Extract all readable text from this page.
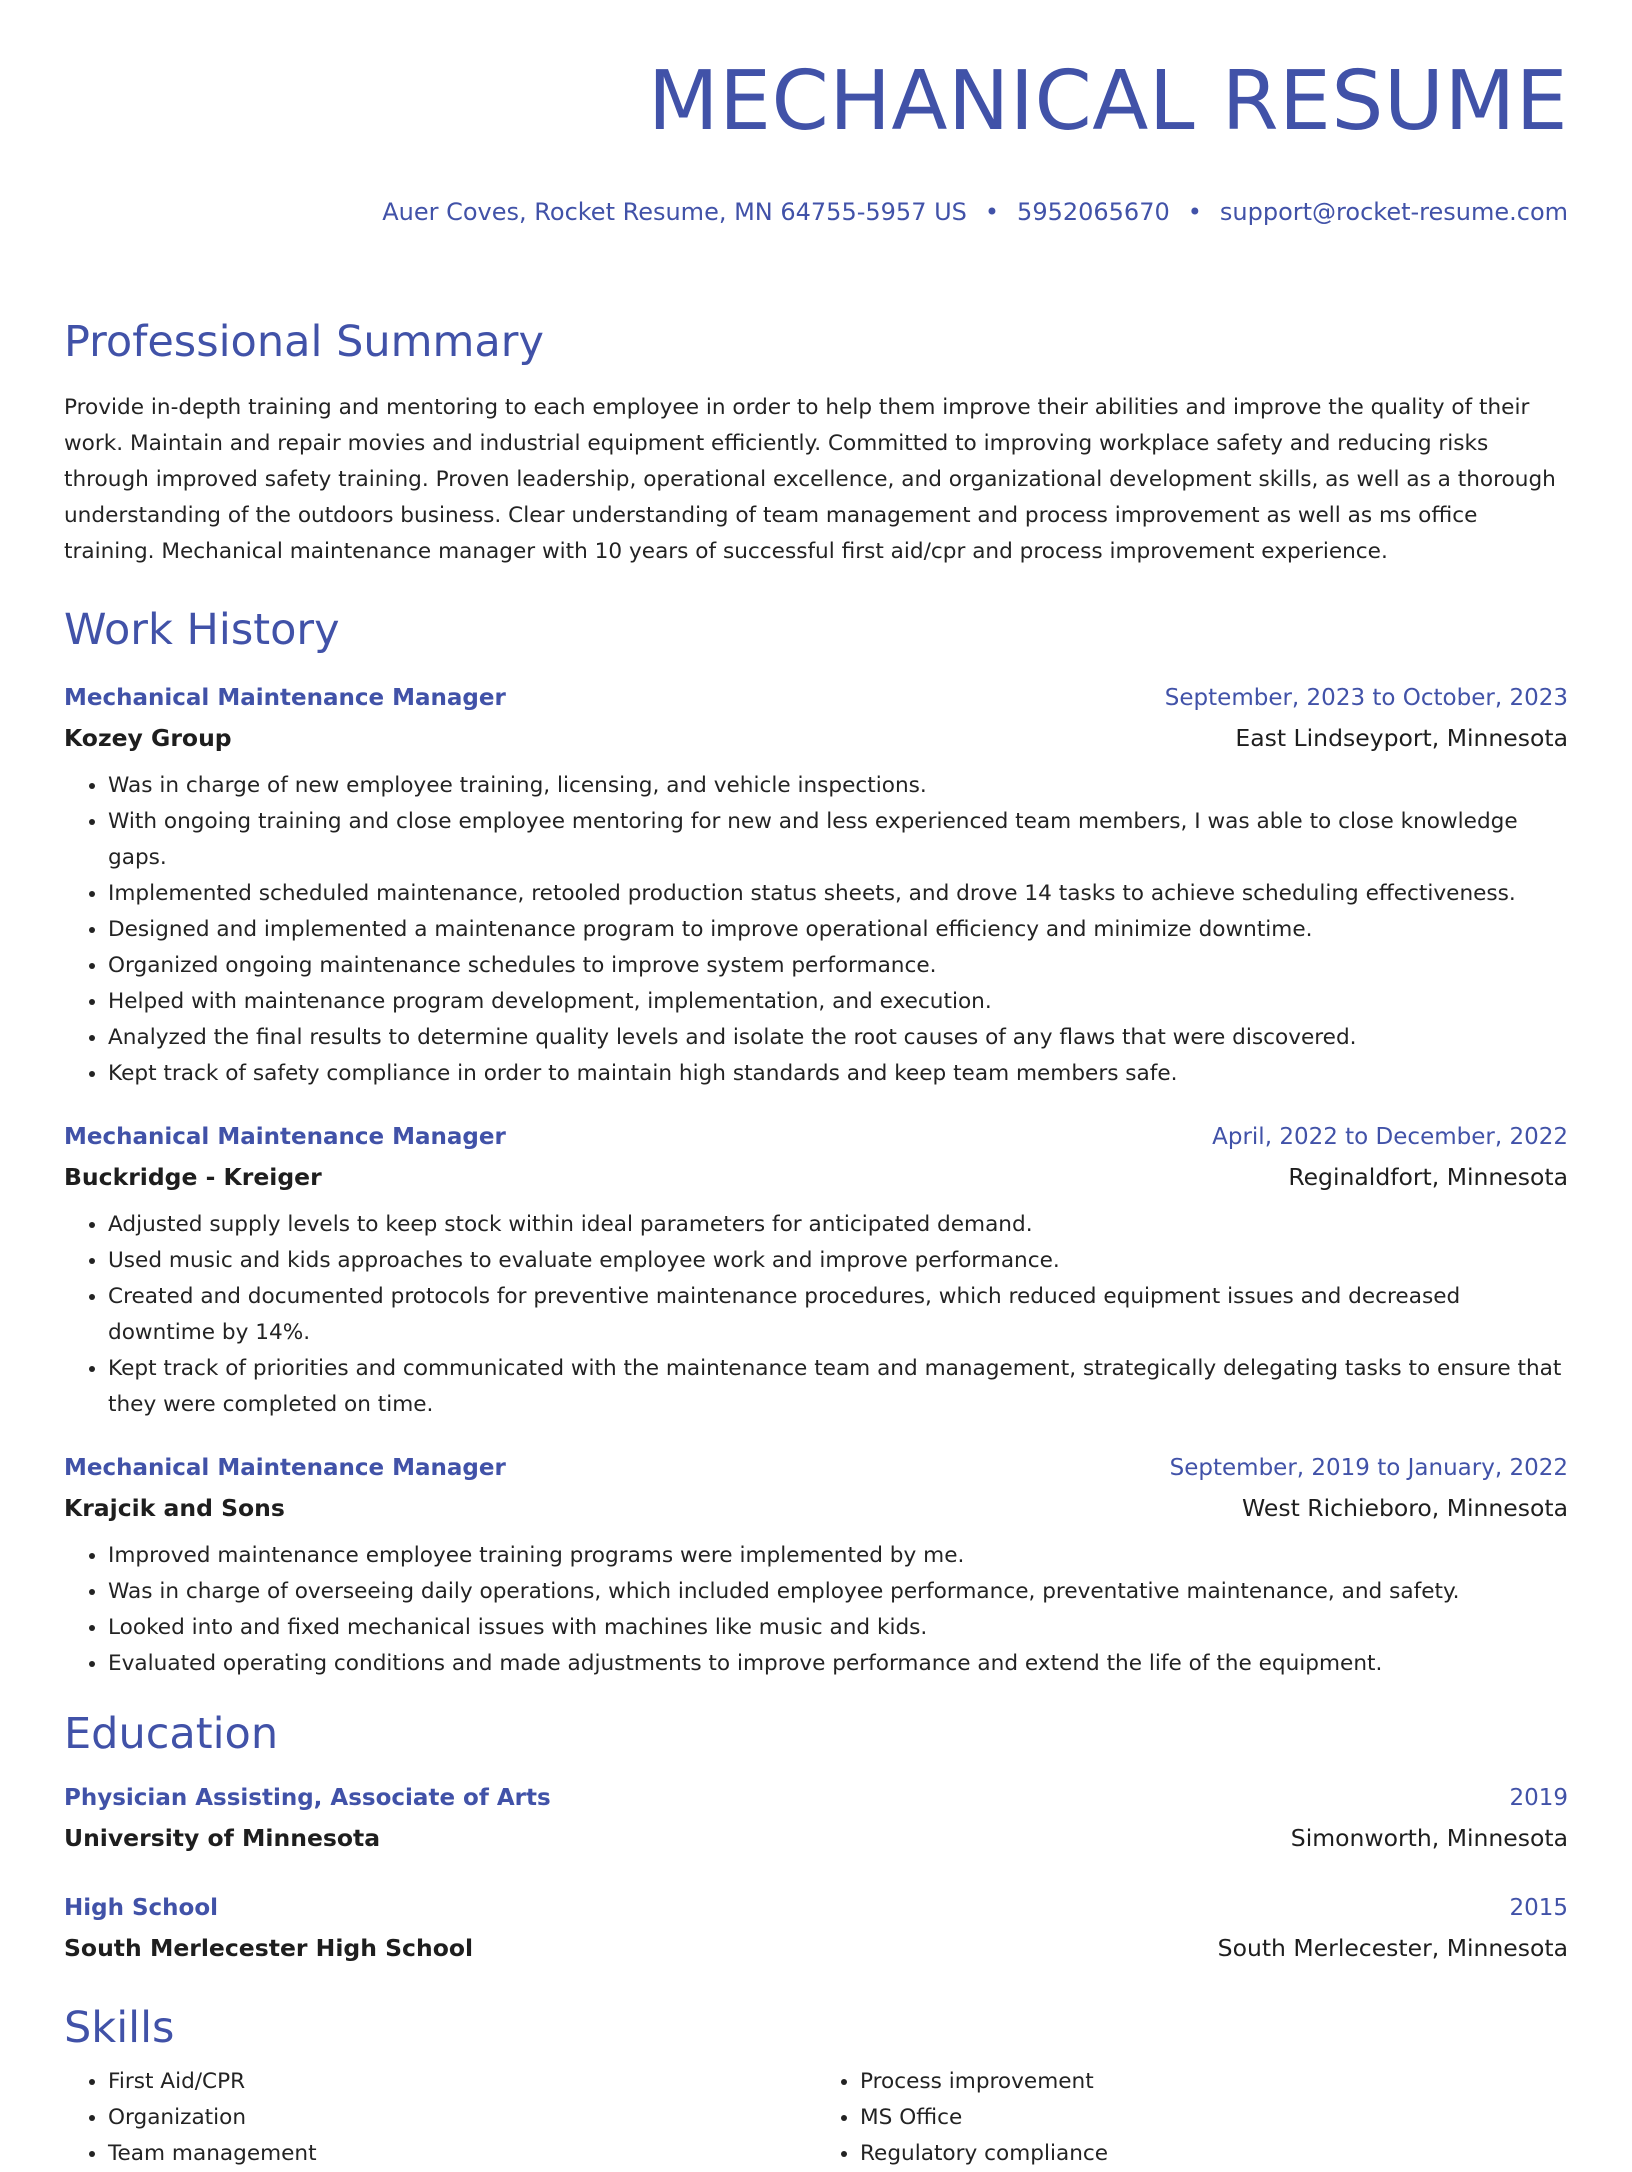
MECHANICAL RESUME
Auer Coves, Rocket Resume, MN 64755-5957 US • 5952065670 • support@rocket-resume.com
Professional Summary

Provide in-depth training and mentoring to each employee in order to help them improve their abilities and improve the quality of their work. Maintain and repair movies and industrial equipment efficiently. Committed to improving workplace safety and reducing risks through improved safety training. Proven leadership, operational excellence, and organizational development skills, as well as a thorough understanding of the outdoors business. Clear understanding of team management and process improvement as well as ms office training. Mechanical maintenance manager with 10 years of successful first aid/cpr and process improvement experience.

Work History
Mechanical Maintenance Manager	September, 2023 to October, 2023
Kozey Group	East Lindseyport, Minnesota
• Was in charge of new employee training, licensing, and vehicle inspections.
• With ongoing training and close employee mentoring for new and less experienced team members, I was able to close knowledge gaps.
• Implemented scheduled maintenance, retooled production status sheets, and drove 14 tasks to achieve scheduling effectiveness.
• Designed and implemented a maintenance program to improve operational efficiency and minimize downtime.
• Organized ongoing maintenance schedules to improve system performance.
• Helped with maintenance program development, implementation, and execution.
• Analyzed the final results to determine quality levels and isolate the root causes of any flaws that were discovered.
• Kept track of safety compliance in order to maintain high standards and keep team members safe.
Mechanical Maintenance Manager	April, 2022 to December, 2022
Buckridge - Kreiger	Reginaldfort, Minnesota
• Adjusted supply levels to keep stock within ideal parameters for anticipated demand.
• Used music and kids approaches to evaluate employee work and improve performance.
• Created and documented protocols for preventive maintenance procedures, which reduced equipment issues and decreased downtime by 14%.
• Kept track of priorities and communicated with the maintenance team and management, strategically delegating tasks to ensure that they were completed on time.
Mechanical Maintenance Manager	September, 2019 to January, 2022
Krajcik and Sons	West Richieboro, Minnesota
• Improved maintenance employee training programs were implemented by me.
• Was in charge of overseeing daily operations, which included employee performance, preventative maintenance, and safety.
• Looked into and fixed mechanical issues with machines like music and kids.
• Evaluated operating conditions and made adjustments to improve performance and extend the life of the equipment.
Education
Physician Assisting, Associate of Arts	2019
University of Minnesota	Simonworth, Minnesota
High School	2015
South Merlecester High School	South Merlecester, Minnesota
Skills
• First Aid/CPR
• Organization
• Team management
• Process improvement
• MS Office
• Regulatory compliance
